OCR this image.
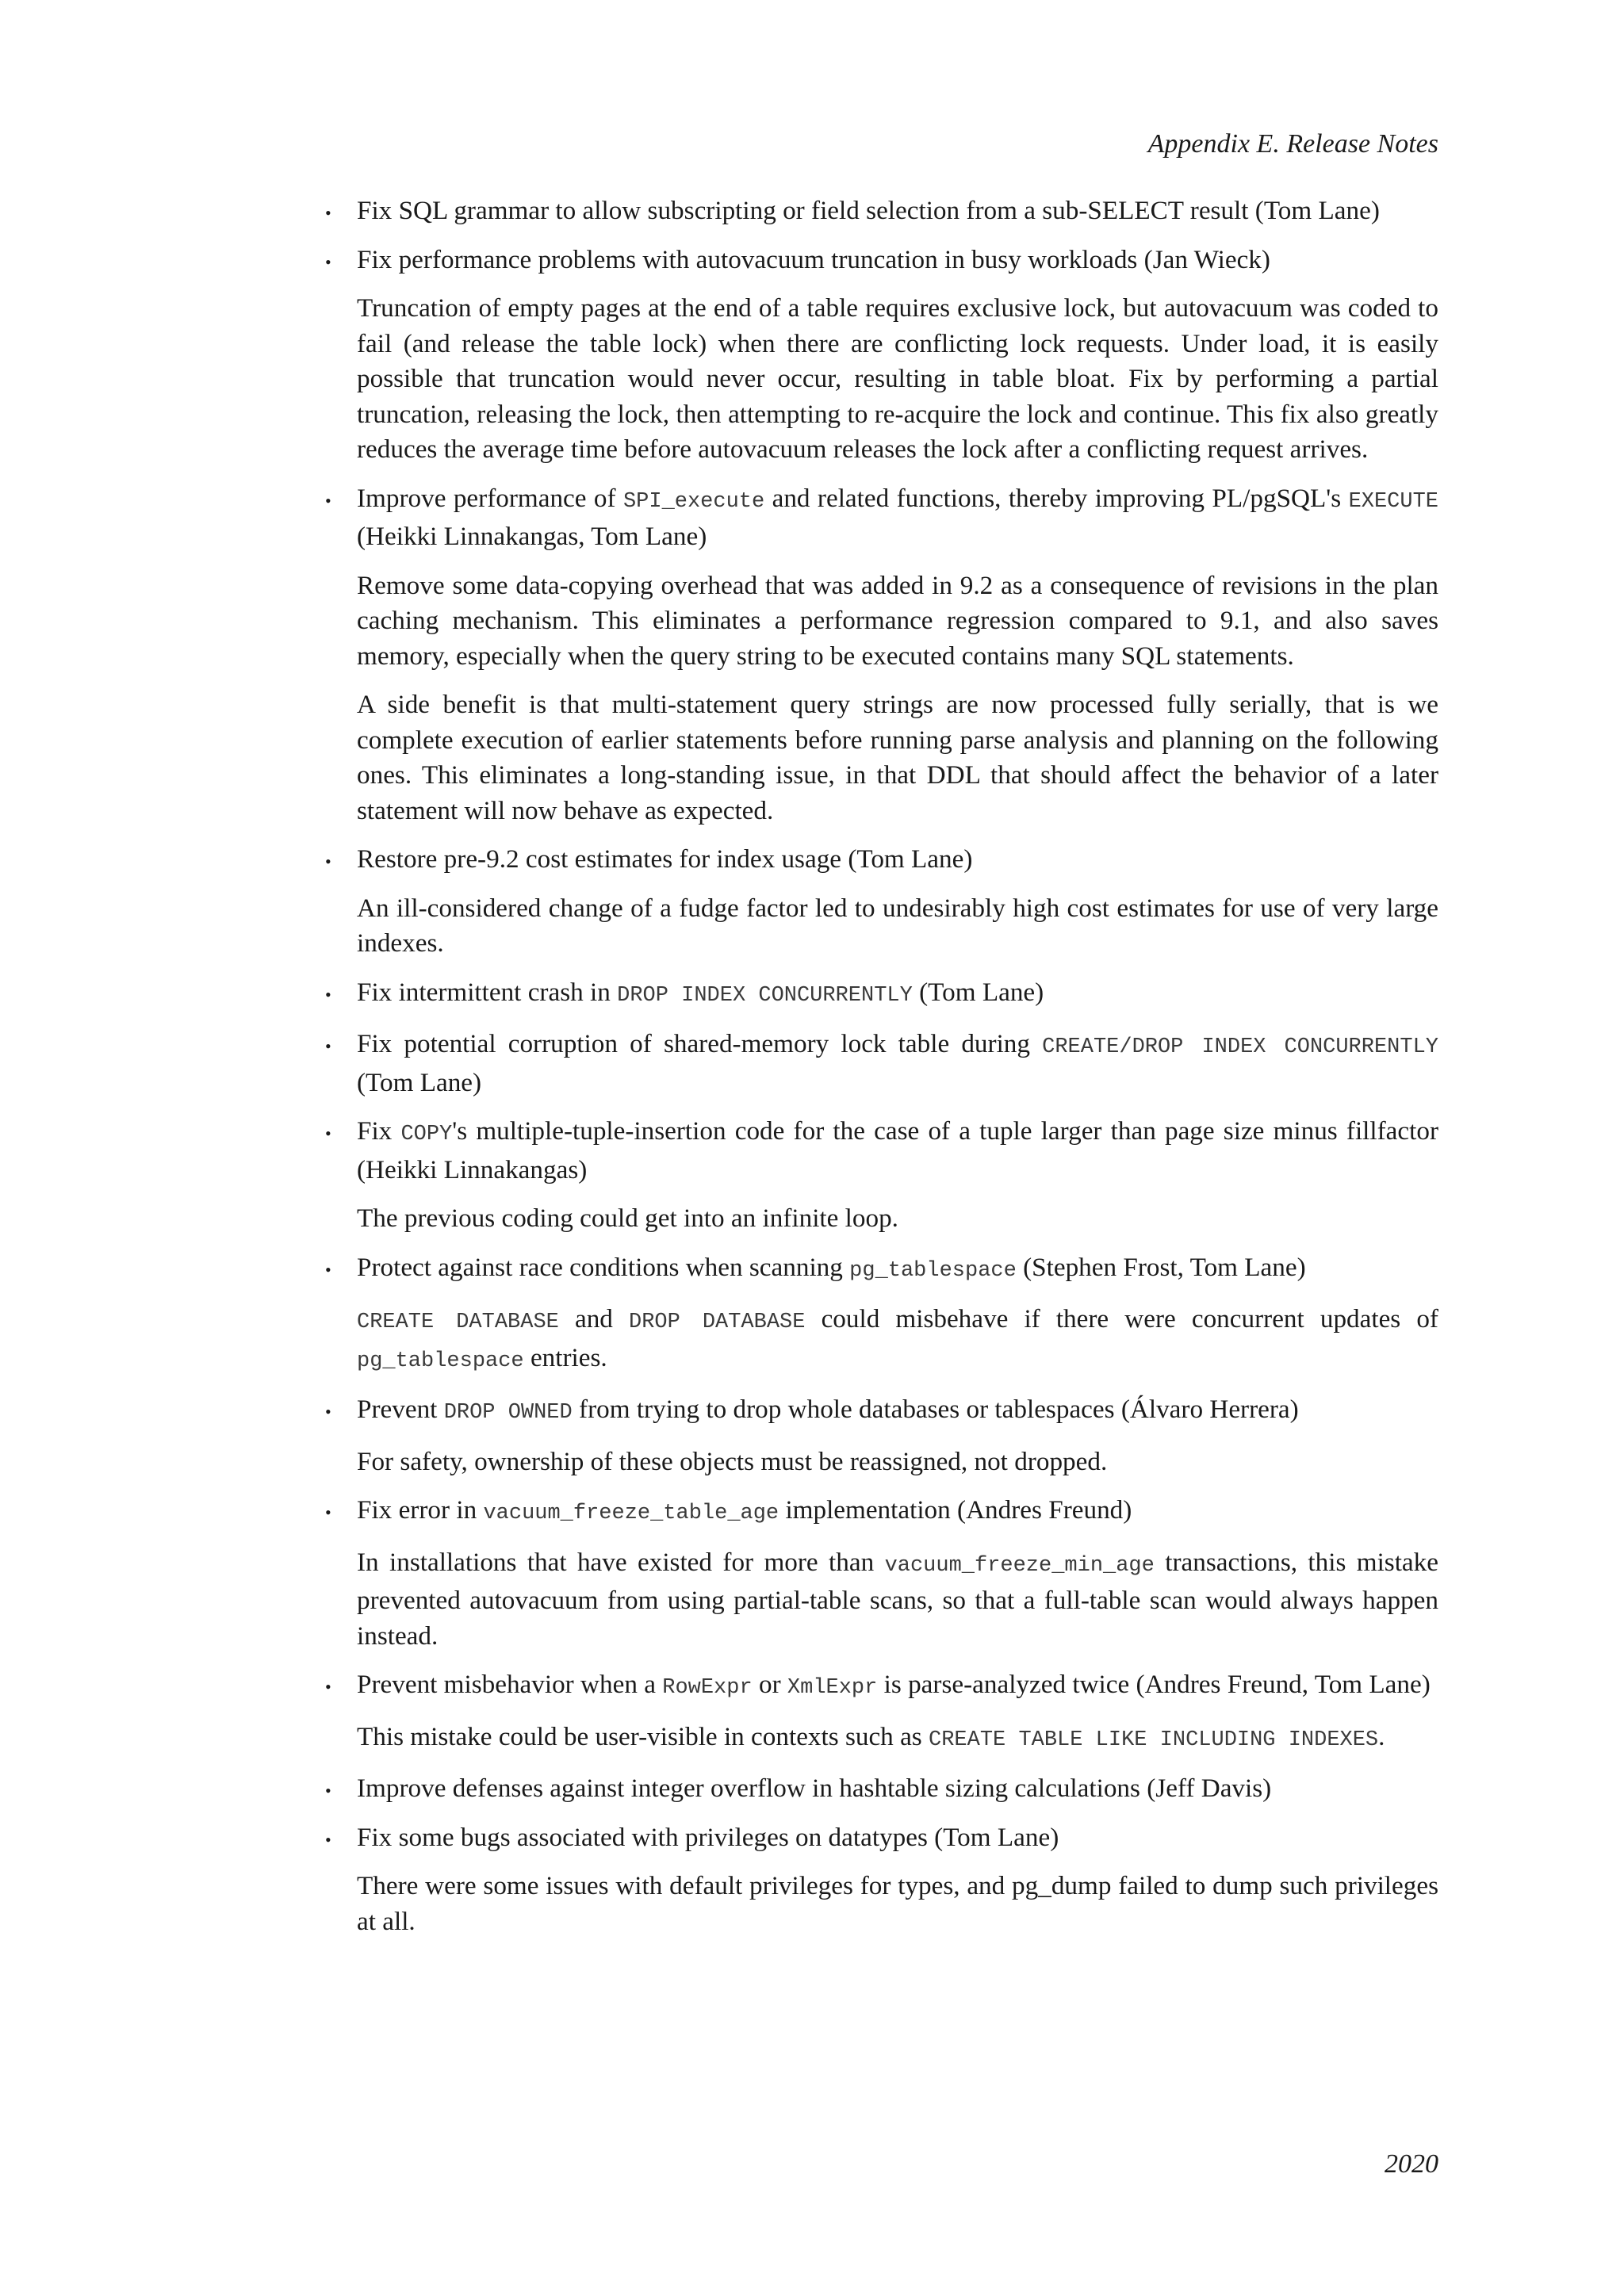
Appendix E. Release Notes
•

Fix SQL grammar to allow subscripting or field selection from a sub-SELECT result (Tom Lane)

•

Fix performance problems with autovacuum truncation in busy workloads (Jan Wieck)

Truncation of empty pages at the end of a table requires exclusive lock, but autovacuum was coded to fail (and release the table lock) when there are conflicting lock requests. Under load, it is easily possible that truncation would never occur, resulting in table bloat. Fix by performing a partial truncation, releasing the lock, then attempting to re-acquire the lock and continue. This fix also greatly reduces the average time before autovacuum releases the lock after a conflicting request arrives.

•

Improve performance of SPI_execute and related functions, thereby improving PL/pgSQL's EXECUTE (Heikki Linnakangas, Tom Lane)

Remove some data-copying overhead that was added in 9.2 as a consequence of revisions in the plan caching mechanism. This eliminates a performance regression compared to 9.1, and also saves memory, especially when the query string to be executed contains many SQL statements.

A side benefit is that multi-statement query strings are now processed fully serially, that is we complete execution of earlier statements before running parse analysis and planning on the following ones. This eliminates a long-standing issue, in that DDL that should affect the behavior of a later statement will now behave as expected.

•

Restore pre-9.2 cost estimates for index usage (Tom Lane)

An ill-considered change of a fudge factor led to undesirably high cost estimates for use of very large indexes.

•

Fix intermittent crash in DROP INDEX CONCURRENTLY (Tom Lane)

•

Fix potential corruption of shared-memory lock table during CREATE/DROP INDEX CONCURRENTLY (Tom Lane)

•

Fix COPY's multiple-tuple-insertion code for the case of a tuple larger than page size minus fillfactor (Heikki Linnakangas)

The previous coding could get into an infinite loop.

•

Protect against race conditions when scanning pg_tablespace (Stephen Frost, Tom Lane)

CREATE DATABASE and DROP DATABASE could misbehave if there were concurrent updates of pg_tablespace entries.

•

Prevent DROP OWNED from trying to drop whole databases or tablespaces (Álvaro Herrera)

For safety, ownership of these objects must be reassigned, not dropped.

•

Fix error in vacuum_freeze_table_age implementation (Andres Freund)

In installations that have existed for more than vacuum_freeze_min_age transactions, this mistake prevented autovacuum from using partial-table scans, so that a full-table scan would always happen instead.

•

Prevent misbehavior when a RowExpr or XmlExpr is parse-analyzed twice (Andres Freund, Tom Lane)

This mistake could be user-visible in contexts such as CREATE TABLE LIKE INCLUDING INDEXES.

•

Improve defenses against integer overflow in hashtable sizing calculations (Jeff Davis)

•

Fix some bugs associated with privileges on datatypes (Tom Lane)

There were some issues with default privileges for types, and pg_dump failed to dump such privileges at all.

2020
